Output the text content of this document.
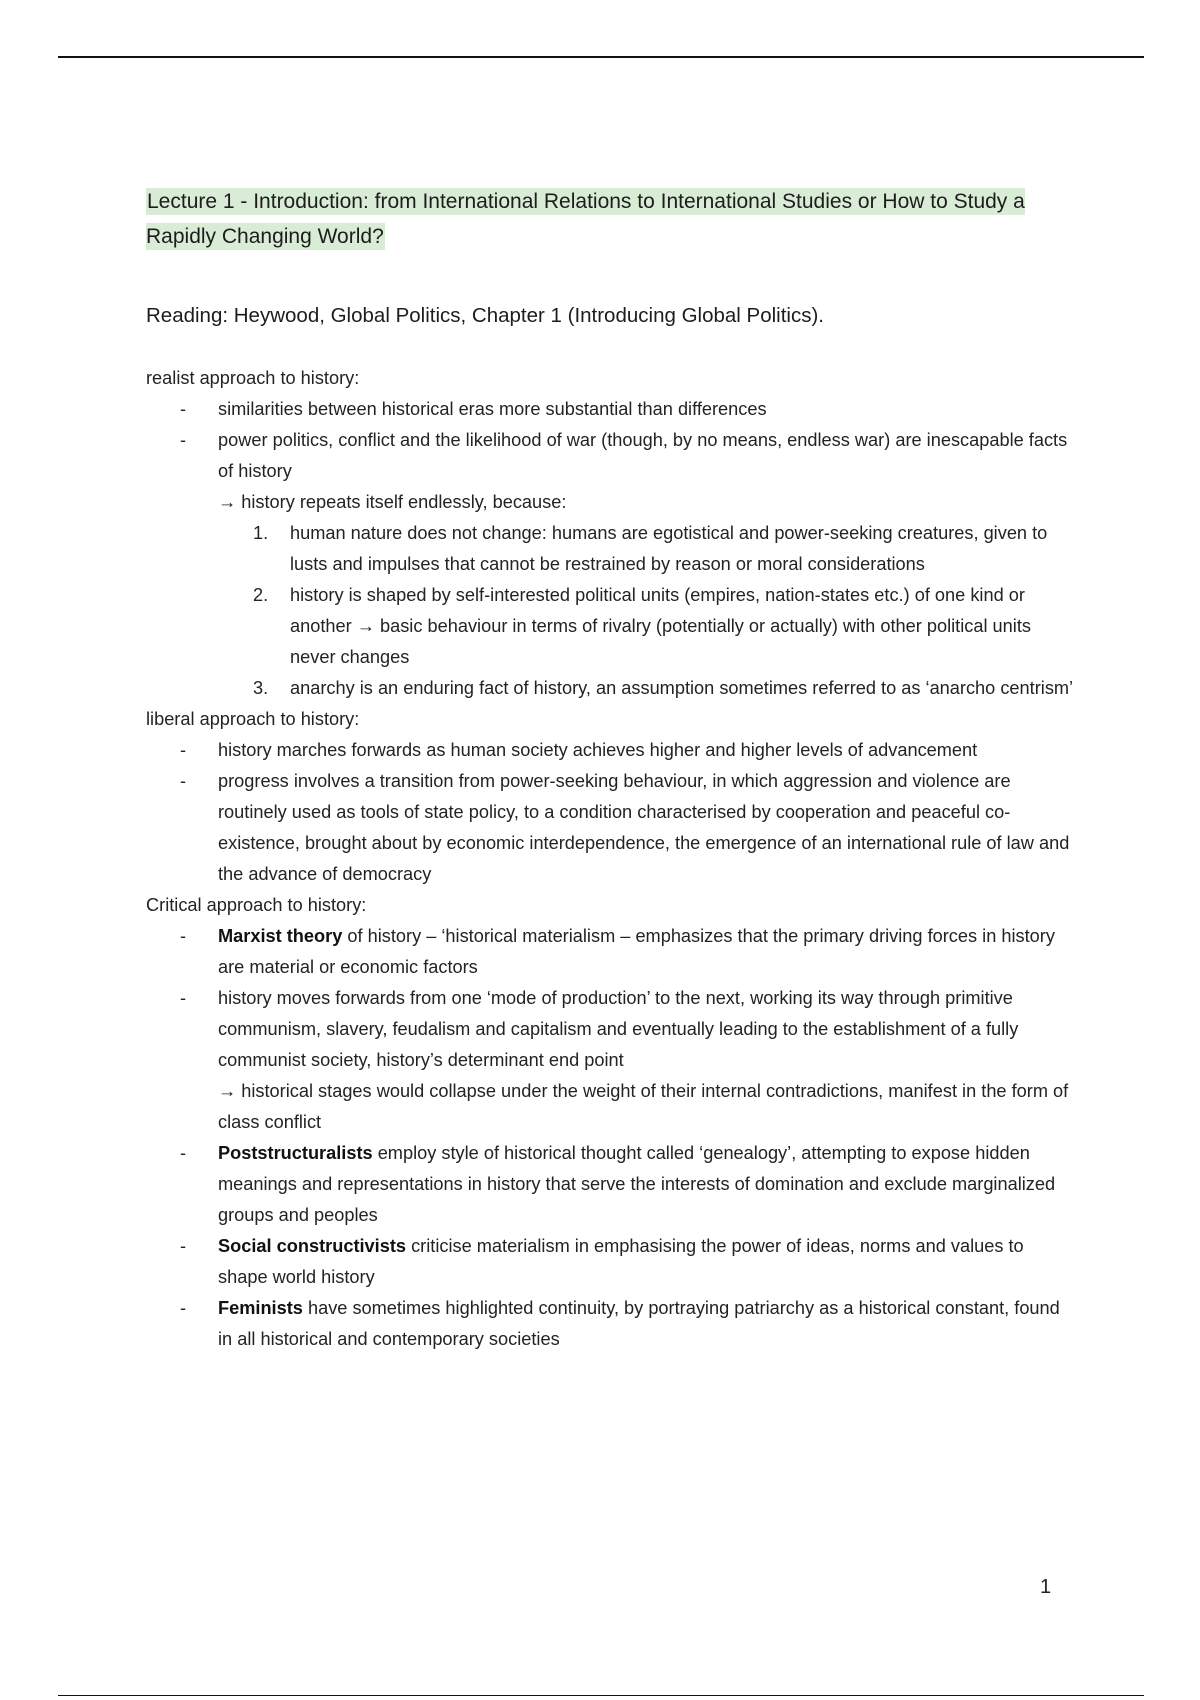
Lecture 1 - Introduction: from International Relations to International Studies or How to Study a Rapidly Changing World?

Reading: Heywood, Global Politics, Chapter 1 (Introducing Global Politics).

realist approach to history:

- similarities between historical eras more substantial than differences
- power politics, conflict and the likelihood of war (though, by no means, endless war) are inescapable facts of history
→ history repeats itself endlessly, because:
1. human nature does not change: humans are egotistical and power-seeking creatures, given to lusts and impulses that cannot be restrained by reason or moral considerations
2. history is shaped by self-interested political units (empires, nation-states etc.) of one kind or another → basic behaviour in terms of rivalry (potentially or actually) with other political units never changes
3. anarchy is an enduring fact of history, an assumption sometimes referred to as ‘anarcho centrism’

liberal approach to history:

- history marches forwards as human society achieves higher and higher levels of advancement
- progress involves a transition from power-seeking behaviour, in which aggression and violence are routinely used as tools of state policy, to a condition characterised by cooperation and peaceful co-existence, brought about by economic interdependence, the emergence of an international rule of law and the advance of democracy

Critical approach to history:

- Marxist theory of history – ‘historical materialism – emphasizes that the primary driving forces in history are material or economic factors
- history moves forwards from one ‘mode of production’ to the next, working its way through primitive communism, slavery, feudalism and capitalism and eventually leading to the establishment of a fully communist society, history’s determinant end point
→ historical stages would collapse under the weight of their internal contradictions, manifest in the form of class conflict
- Poststructuralists employ style of historical thought called ‘genealogy’, attempting to expose hidden meanings and representations in history that serve the interests of domination and exclude marginalized groups and peoples
- Social constructivists criticise materialism in emphasising the power of ideas, norms and values to shape world history
- Feminists have sometimes highlighted continuity, by portraying patriarchy as a historical constant, found in all historical and contemporary societies
1
